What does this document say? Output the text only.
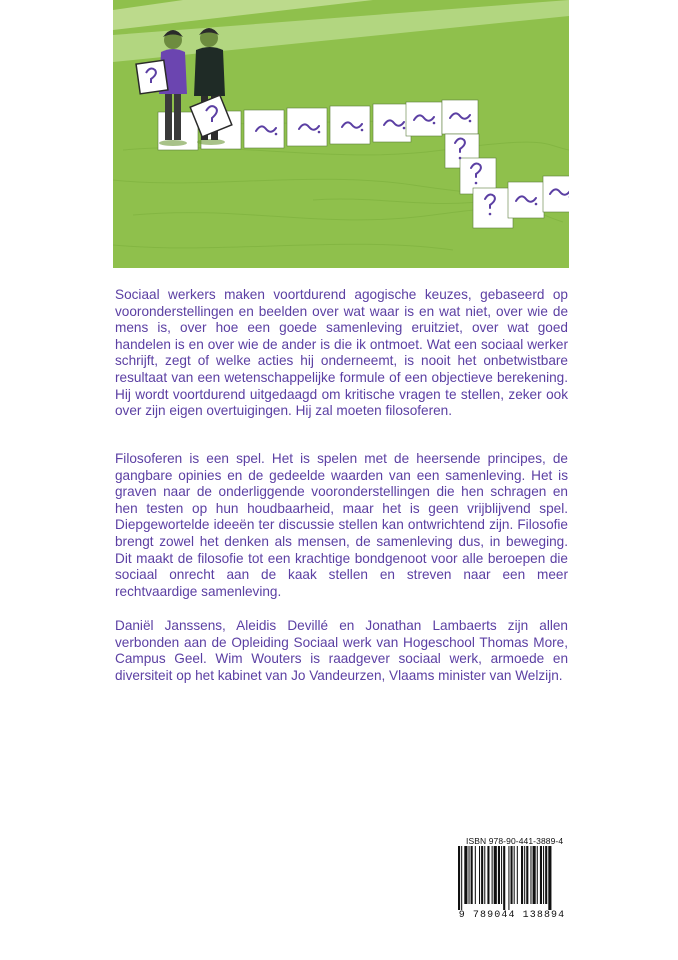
Sociaal werkers maken voortdurend agogische keuzes, gebaseerd op vooronderstellingen en beelden over wat waar is en wat niet, over wie de mens is, over hoe een goede samenleving eruitziet, over wat goed handelen is en over wie de ander is die ik ontmoet. Wat een sociaal werker schrijft, zegt of welke acties hij onderneemt, is nooit het onbetwistbare resultaat van een wetenschappelijke formule of een objectieve berekening. Hij wordt voortdurend uitgedaagd om kritische vragen te stellen, zeker ook over zijn eigen overtuigingen. Hij zal moeten filosoferen.

Filosoferen is een spel. Het is spelen met de heersende principes, de gangbare opinies en de gedeelde waarden van een samenleving. Het is graven naar de onderliggende vooronderstellingen die hen schragen en hen testen op hun houdbaarheid, maar het is geen vrijblijvend spel. Diepgewortelde ideeën ter discussie stellen kan ontwrichtend zijn. Filosofie brengt zowel het denken als mensen, de samenleving dus, in beweging. Dit maakt de filosofie tot een krachtige bondgenoot voor alle beroepen die sociaal onrecht aan de kaak stellen en streven naar een meer rechtvaardige samenleving.

Daniël Janssens, Aleidis Devillé en Jonathan Lambaerts zijn allen verbonden aan de Opleiding Sociaal werk van Hogeschool Thomas More, Campus Geel. Wim Wouters is raadgever sociaal werk, armoede en diversiteit op het kabinet van Jo Vandeurzen, Vlaams minister van Welzijn.

ISBN 978-90-441-3889-4
9 789044 138894
